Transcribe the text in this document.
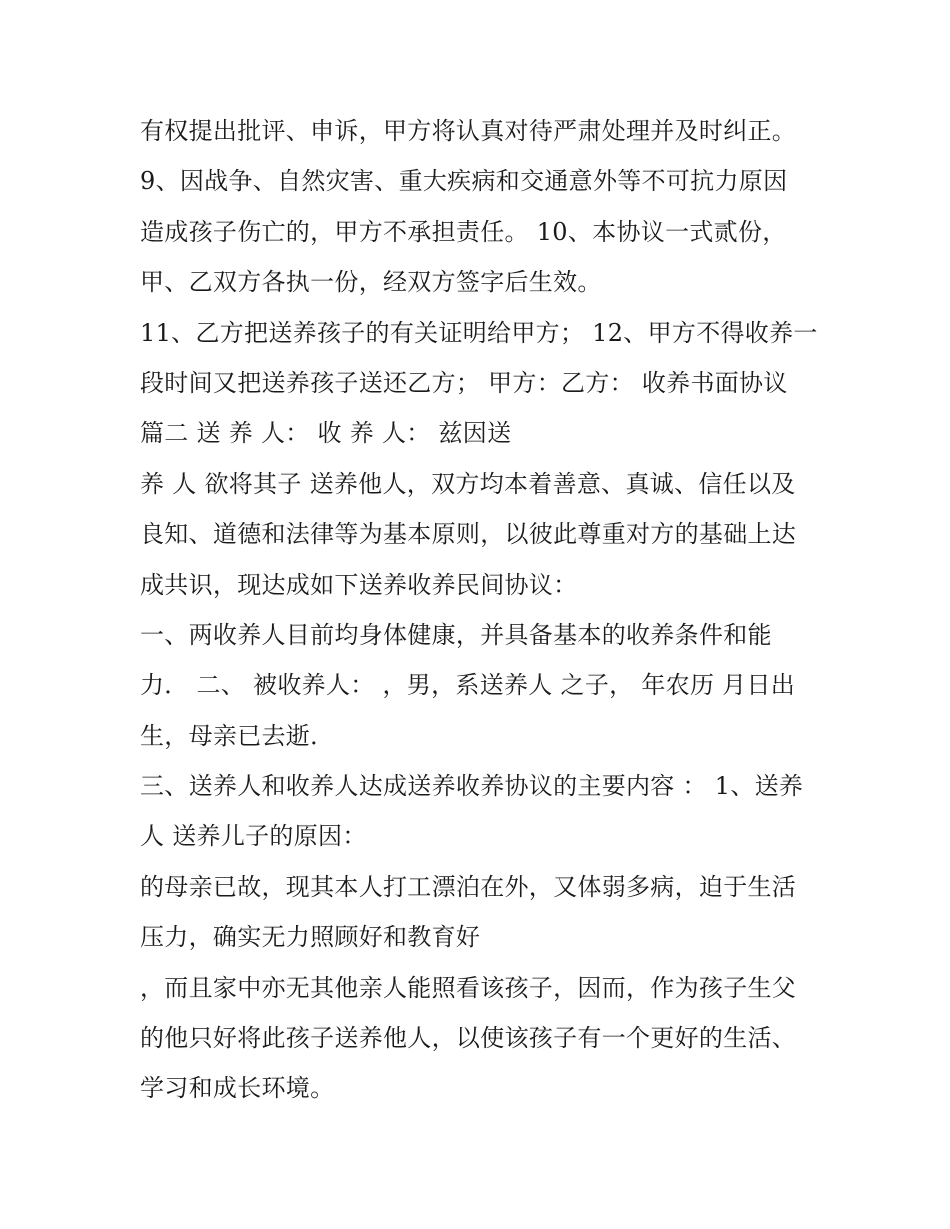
有权提出批评、申诉，甲方将认真对待严肃处理并及时纠正。
9、因战争、自然灾害、重大疾病和交通意外等不可抗力原因
造成孩子伤亡的，甲方不承担责任。 10、本协议一式贰份，
甲、乙双方各执一份，经双方签字后生效。
11、乙方把送养孩子的有关证明给甲方； 12、甲方不得收养一
段时间又把送养孩子送还乙方； 甲方：乙方： 收养书面协议
篇二 送 养 人： 收 养 人： 兹因送
养 人 欲将其子 送养他人，双方均本着善意、真诚、信任以及
良知、道德和法律等为基本原则，以彼此尊重对方的基础上达
成共识，现达成如下送养收养民间协议：
一、两收养人目前均身体健康，并具备基本的收养条件和能
力． 二、 被收养人： ，男，系送养人 之子， 年农历 月日出
生，母亲已去逝．
三、送养人和收养人达成送养收养协议的主要内容 ： 1、送养
人 送养儿子的原因：
的母亲已故，现其本人打工漂泊在外，又体弱多病，迫于生活
压力，确实无力照顾好和教育好
，而且家中亦无其他亲人能照看该孩子，因而，作为孩子生父
的他只好将此孩子送养他人，以使该孩子有一个更好的生活、
学习和成长环境。
